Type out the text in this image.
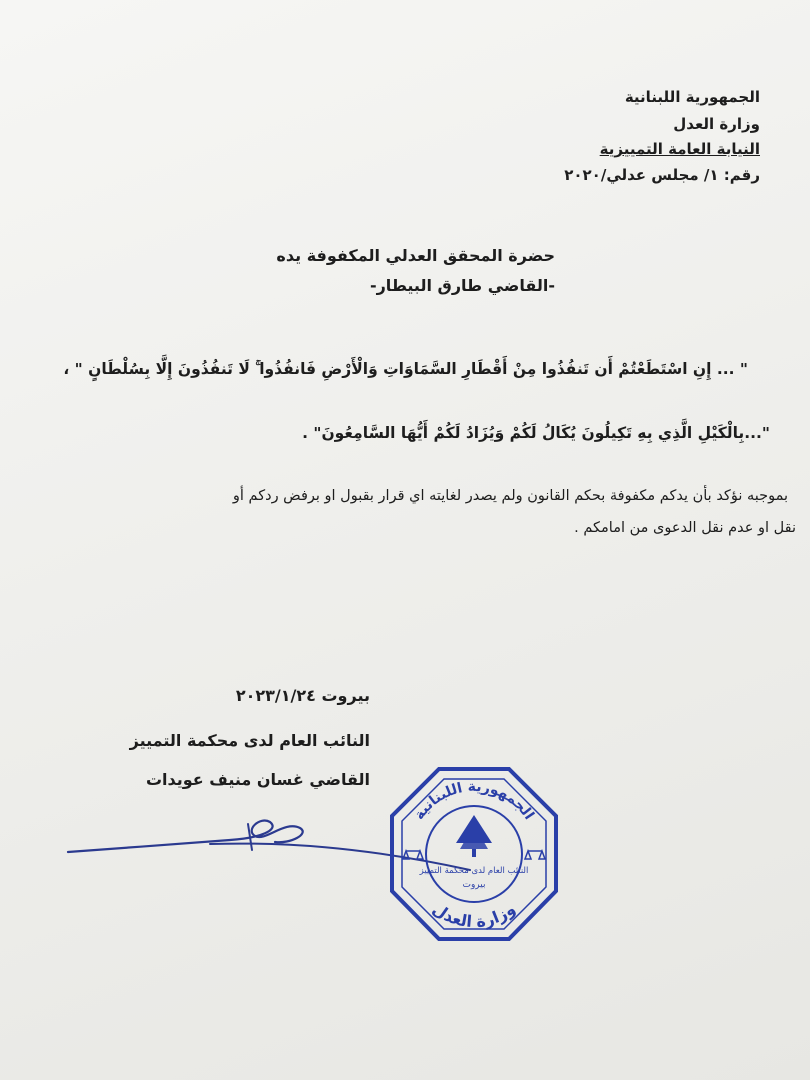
الجمهورية اللبنانية
وزارة العدل
النيابة العامة التمييزية
رقم: ١/ مجلس عدلي/٢٠٢٠
حضرة المحقق العدلي المكفوفة يده
-القاضي طارق البيطار-
" ... إِنِ اسْتَطَعْتُمْ أَن تَنفُذُوا مِنْ أَقْطَارِ السَّمَاوَاتِ وَالْأَرْضِ فَانفُذُوا ۚ لَا تَنفُذُونَ إِلَّا بِسُلْطَانٍ " ،
"...بِالْكَيْلِ الَّذِي بِهِ تَكِيلُونَ يُكَالُ لَكُمْ وَيُزَادُ لَكُمْ أَيُّهَا السَّامِعُونَ" .
بموجبه نؤكد بأن يدكم مكفوفة بحكم القانون ولم يصدر لغايته اي قرار بقبول او برفض ردكم أو
نقل او عدم نقل الدعوى من امامكم .
بيروت ٢٠٢٣/١/٢٤
النائب العام لدى محكمة التمييز
القاضي غسان منيف عويدات
الجمهورية اللبنانية
وزارة العدل
النائب العام لدى محكمة التمييز
بيروت
